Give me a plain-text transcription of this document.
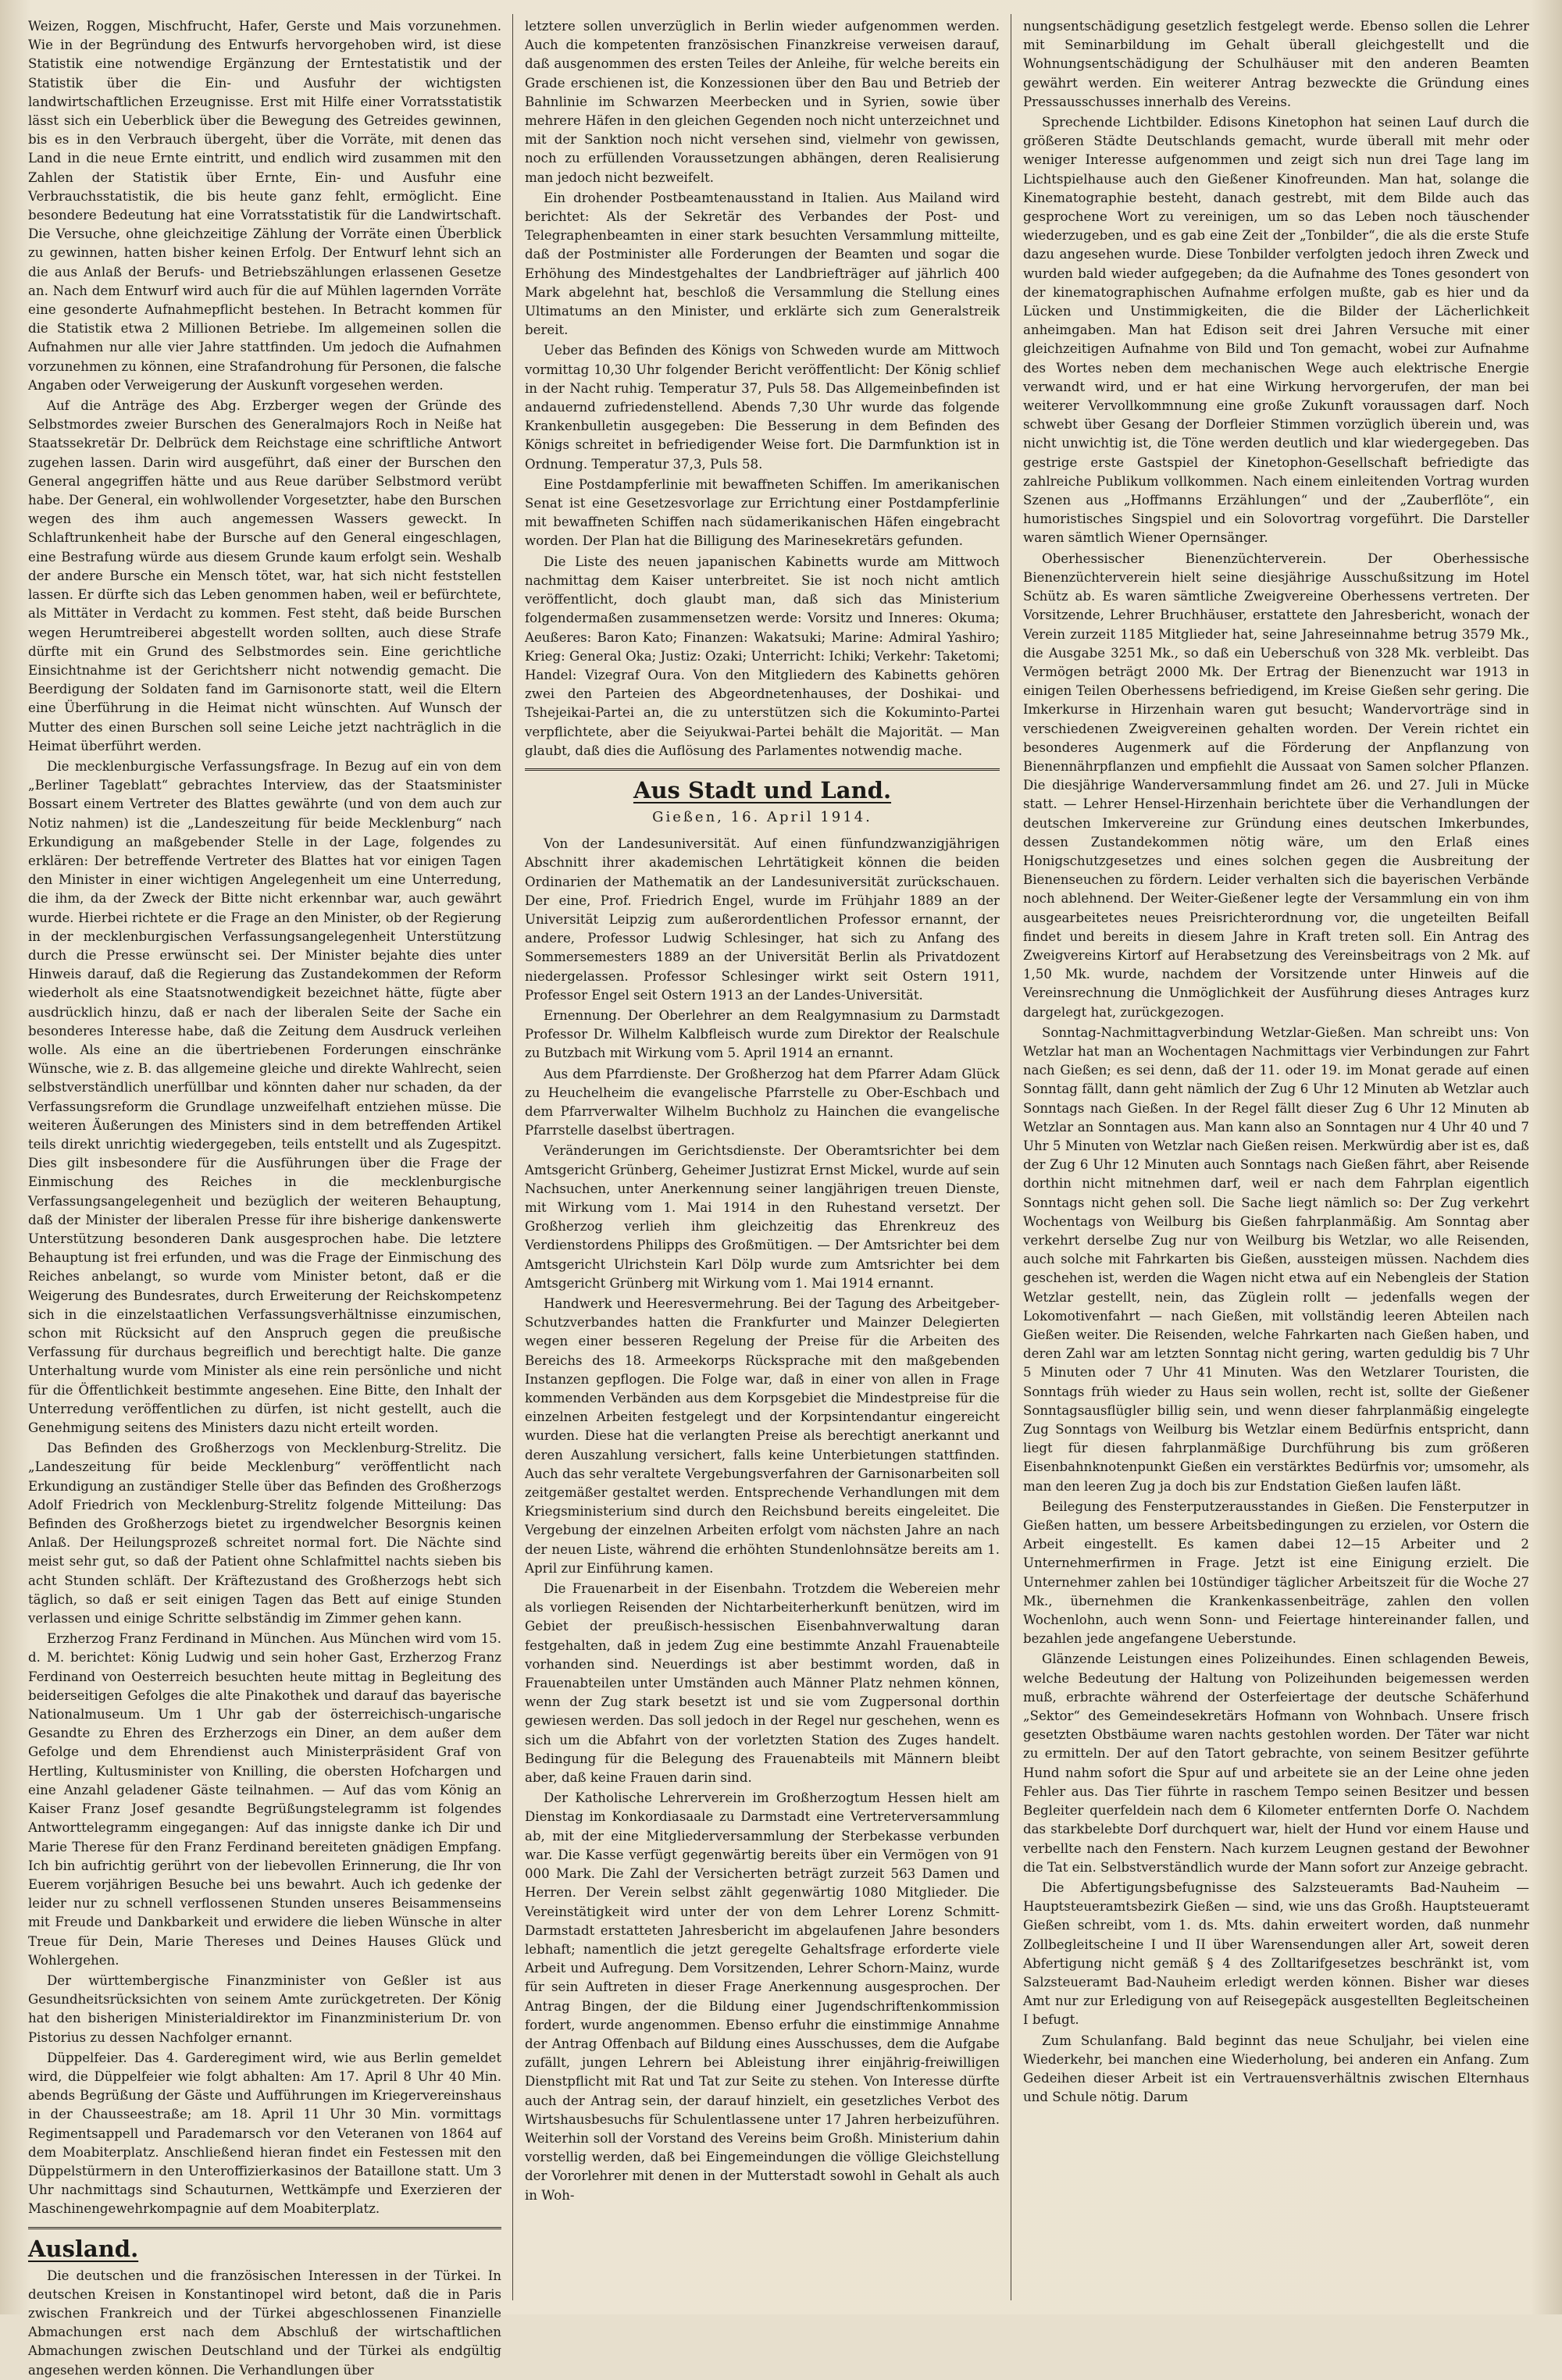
Weizen, Roggen, Mischfrucht, Hafer, Gerste und Mais vorzunehmen. Wie in der Begründung des Entwurfs hervorgehoben wird, ist diese Statistik eine notwendige Ergänzung der Erntestatistik und der Statistik über die Ein- und Ausfuhr der wichtigsten landwirtschaftlichen Erzeugnisse. Erst mit Hilfe einer Vorratsstatistik lässt sich ein Ueberblick über die Bewegung des Getreides gewinnen, bis es in den Verbrauch übergeht, über die Vorräte, mit denen das Land in die neue Ernte eintritt, und endlich wird zusammen mit den Zahlen der Statistik über Ernte, Ein- und Ausfuhr eine Verbrauchsstatistik, die bis heute ganz fehlt, ermöglicht. Eine besondere Bedeutung hat eine Vorratsstatistik für die Landwirtschaft. Die Versuche, ohne gleichzeitige Zählung der Vorräte einen Überblick zu gewinnen, hatten bisher keinen Erfolg. Der Entwurf lehnt sich an die aus Anlaß der Berufs- und Betriebszählungen erlassenen Gesetze an. Nach dem Entwurf wird auch für die auf Mühlen lagernden Vorräte eine gesonderte Aufnahmepflicht bestehen. In Betracht kommen für die Statistik etwa 2 Millionen Betriebe. Im allgemeinen sollen die Aufnahmen nur alle vier Jahre stattfinden. Um jedoch die Aufnahmen vorzunehmen zu können, eine Strafandrohung für Personen, die falsche Angaben oder Verweigerung der Auskunft vorgesehen werden.

Auf die Anträge des Abg. Erzberger wegen der Gründe des Selbstmordes zweier Burschen des Generalmajors Roch in Neiße hat Staatssekretär Dr. Delbrück dem Reichstage eine schriftliche Antwort zugehen lassen. Darin wird ausgeführt, daß einer der Burschen den General angegriffen hätte und aus Reue darüber Selbstmord verübt habe. Der General, ein wohlwollender Vorgesetzter, habe den Burschen wegen des ihm auch angemessen Wassers geweckt. In Schlaftrunkenheit habe der Bursche auf den General eingeschlagen, eine Bestrafung würde aus diesem Grunde kaum erfolgt sein. Weshalb der andere Bursche ein Mensch tötet, war, hat sich nicht feststellen lassen. Er dürfte sich das Leben genommen haben, weil er befürchtete, als Mittäter in Verdacht zu kommen. Fest steht, daß beide Burschen wegen Herumtreiberei abgestellt worden sollten, auch diese Strafe dürfte mit ein Grund des Selbstmordes sein. Eine gerichtliche Einsichtnahme ist der Gerichtsherr nicht notwendig gemacht. Die Beerdigung der Soldaten fand im Garnisonorte statt, weil die Eltern eine Überführung in die Heimat nicht wünschten. Auf Wunsch der Mutter des einen Burschen soll seine Leiche jetzt nachträglich in die Heimat überführt werden.

Die mecklenburgische Verfassungsfrage. In Bezug auf ein von dem „Berliner Tageblatt“ gebrachtes Interview, das der Staatsminister Bossart einem Vertreter des Blattes gewährte (und von dem auch zur Notiz nahmen) ist die „Landeszeitung für beide Mecklenburg“ nach Erkundigung an maßgebender Stelle in der Lage, folgendes zu erklären: Der betreffende Vertreter des Blattes hat vor einigen Tagen den Minister in einer wichtigen Angelegenheit um eine Unterredung, die ihm, da der Zweck der Bitte nicht erkennbar war, auch gewährt wurde. Hierbei richtete er die Frage an den Minister, ob der Regierung in der mecklenburgischen Verfassungsangelegenheit Unterstützung durch die Presse erwünscht sei. Der Minister bejahte dies unter Hinweis darauf, daß die Regierung das Zustandekommen der Reform wiederholt als eine Staatsnotwendigkeit bezeichnet hätte, fügte aber ausdrücklich hinzu, daß er nach der liberalen Seite der Sache ein besonderes Interesse habe, daß die Zeitung dem Ausdruck verleihen wolle. Als eine an die übertriebenen Forderungen einschränke Wünsche, wie z. B. das allgemeine gleiche und direkte Wahlrecht, seien selbstverständlich unerfüllbar und könnten daher nur schaden, da der Verfassungsreform die Grundlage unzweifelhaft entziehen müsse. Die weiteren Äußerungen des Ministers sind in dem betreffenden Artikel teils direkt unrichtig wiedergegeben, teils entstellt und als Zugespitzt. Dies gilt insbesondere für die Ausführungen über die Frage der Einmischung des Reiches in die mecklenburgische Verfassungsangelegenheit und bezüglich der weiteren Behauptung, daß der Minister der liberalen Presse für ihre bisherige dankenswerte Unterstützung besonderen Dank ausgesprochen habe. Die letztere Behauptung ist frei erfunden, und was die Frage der Einmischung des Reiches anbelangt, so wurde vom Minister betont, daß er die Weigerung des Bundesrates, durch Erweiterung der Reichskompetenz sich in die einzelstaatlichen Verfassungsverhältnisse einzumischen, schon mit Rücksicht auf den Anspruch gegen die preußische Verfassung für durchaus begreiflich und berechtigt halte. Die ganze Unterhaltung wurde vom Minister als eine rein persönliche und nicht für die Öffentlichkeit bestimmte angesehen. Eine Bitte, den Inhalt der Unterredung veröffentlichen zu dürfen, ist nicht gestellt, auch die Genehmigung seitens des Ministers dazu nicht erteilt worden.

Das Befinden des Großherzogs von Mecklenburg-Strelitz. Die „Landeszeitung für beide Mecklenburg“ veröffentlicht nach Erkundigung an zuständiger Stelle über das Befinden des Großherzogs Adolf Friedrich von Mecklenburg-Strelitz folgende Mitteilung: Das Befinden des Großherzogs bietet zu irgendwelcher Besorgnis keinen Anlaß. Der Heilungsprozeß schreitet normal fort. Die Nächte sind meist sehr gut, so daß der Patient ohne Schlafmittel nachts sieben bis acht Stunden schläft. Der Kräftezustand des Großherzogs hebt sich täglich, so daß er seit einigen Tagen das Bett auf einige Stunden verlassen und einige Schritte selbständig im Zimmer gehen kann.

Erzherzog Franz Ferdinand in München. Aus München wird vom 15. d. M. berichtet: König Ludwig und sein hoher Gast, Erzherzog Franz Ferdinand von Oesterreich besuchten heute mittag in Begleitung des beiderseitigen Gefolges die alte Pinakothek und darauf das bayerische Nationalmuseum. Um 1 Uhr gab der österreichisch-ungarische Gesandte zu Ehren des Erzherzogs ein Diner, an dem außer dem Gefolge und dem Ehrendienst auch Ministerpräsident Graf von Hertling, Kultusminister von Knilling, die obersten Hofchargen und eine Anzahl geladener Gäste teilnahmen. — Auf das vom König an Kaiser Franz Josef gesandte Begrüßungstelegramm ist folgendes Antworttelegramm eingegangen: Auf das innigste danke ich Dir und Marie Therese für den Franz Ferdinand bereiteten gnädigen Empfang. Ich bin aufrichtig gerührt von der liebevollen Erinnerung, die Ihr von Euerem vorjährigen Besuche bei uns bewahrt. Auch ich gedenke der leider nur zu schnell verflossenen Stunden unseres Beisammenseins mit Freude und Dankbarkeit und erwidere die lieben Wünsche in alter Treue für Dein, Marie Thereses und Deines Hauses Glück und Wohlergehen.

Der württembergische Finanzminister von Geßler ist aus Gesundheitsrücksichten von seinem Amte zurückgetreten. Der König hat den bisherigen Ministerialdirektor im Finanzministerium Dr. von Pistorius zu dessen Nachfolger ernannt.

Düppelfeier. Das 4. Garderegiment wird, wie aus Berlin gemeldet wird, die Düppelfeier wie folgt abhalten: Am 17. April 8 Uhr 40 Min. abends Begrüßung der Gäste und Aufführungen im Kriegervereinshaus in der Chausseestraße; am 18. April 11 Uhr 30 Min. vormittags Regimentsappell und Parademarsch vor den Veteranen von 1864 auf dem Moabiterplatz. Anschließend hieran findet ein Festessen mit den Düppelstürmern in den Unteroffizierkasinos der Bataillone statt. Um 3 Uhr nachmittags sind Schauturnen, Wettkämpfe und Exerzieren der Maschinengewehrkompagnie auf dem Moabiterplatz.

Ausland.

Die deutschen und die französischen Interessen in der Türkei. In deutschen Kreisen in Konstantinopel wird betont, daß die in Paris zwischen Frankreich und der Türkei abgeschlossenen Finanzielle Abmachungen erst nach dem Abschluß der wirtschaftlichen Abmachungen zwischen Deutschland und der Türkei als endgültig angesehen werden können. Die Verhandlungen über

letztere sollen unverzüglich in Berlin wieder aufgenommen werden. Auch die kompetenten französischen Finanzkreise verweisen darauf, daß ausgenommen des ersten Teiles der Anleihe, für welche bereits ein Grade erschienen ist, die Konzessionen über den Bau und Betrieb der Bahnlinie im Schwarzen Meerbecken und in Syrien, sowie über mehrere Häfen in den gleichen Gegenden noch nicht unterzeichnet und mit der Sanktion noch nicht versehen sind, vielmehr von gewissen, noch zu erfüllenden Voraussetzungen abhängen, deren Realisierung man jedoch nicht bezweifelt.

Ein drohender Postbeamtenausstand in Italien. Aus Mailand wird berichtet: Als der Sekretär des Verbandes der Post- und Telegraphenbeamten in einer stark besuchten Versammlung mitteilte, daß der Postminister alle Forderungen der Beamten und sogar die Erhöhung des Mindestgehaltes der Landbriefträger auf jährlich 400 Mark abgelehnt hat, beschloß die Versammlung die Stellung eines Ultimatums an den Minister, und erklärte sich zum Generalstreik bereit.

Ueber das Befinden des Königs von Schweden wurde am Mittwoch vormittag 10,30 Uhr folgender Bericht veröffentlicht: Der König schlief in der Nacht ruhig. Temperatur 37, Puls 58. Das Allgemeinbefinden ist andauernd zufriedenstellend. Abends 7,30 Uhr wurde das folgende Krankenbulletin ausgegeben: Die Besserung in dem Befinden des Königs schreitet in befriedigender Weise fort. Die Darmfunktion ist in Ordnung. Temperatur 37,3, Puls 58.

Eine Postdampferlinie mit bewaffneten Schiffen. Im amerikanischen Senat ist eine Gesetzesvorlage zur Errichtung einer Postdampferlinie mit bewaffneten Schiffen nach südamerikanischen Häfen eingebracht worden. Der Plan hat die Billigung des Marinesekretärs gefunden.

Die Liste des neuen japanischen Kabinetts wurde am Mittwoch nachmittag dem Kaiser unterbreitet. Sie ist noch nicht amtlich veröffentlicht, doch glaubt man, daß sich das Ministerium folgendermaßen zusammensetzen werde: Vorsitz und Inneres: Okuma; Aeußeres: Baron Kato; Finanzen: Wakatsuki; Marine: Admiral Yashiro; Krieg: General Oka; Justiz: Ozaki; Unterricht: Ichiki; Verkehr: Taketomi; Handel: Vizegraf Oura. Von den Mitgliedern des Kabinetts gehören zwei den Parteien des Abgeordnetenhauses, der Doshikai- und Tshejeikai-Partei an, die zu unterstützen sich die Kokuminto-Partei verpflichtete, aber die Seiyukwai-Partei behält die Majorität. — Man glaubt, daß dies die Auflösung des Parlamentes notwendig mache.

Aus Stadt und Land.
Gießen, 16. April 1914.

Von der Landesuniversität. Auf einen fünfundzwanzigjährigen Abschnitt ihrer akademischen Lehrtätigkeit können die beiden Ordinarien der Mathematik an der Landesuniversität zurückschauen. Der eine, Prof. Friedrich Engel, wurde im Frühjahr 1889 an der Universität Leipzig zum außerordentlichen Professor ernannt, der andere, Professor Ludwig Schlesinger, hat sich zu Anfang des Sommersemesters 1889 an der Universität Berlin als Privatdozent niedergelassen. Professor Schlesinger wirkt seit Ostern 1911, Professor Engel seit Ostern 1913 an der Landes-Universität.

Ernennung. Der Oberlehrer an dem Realgymnasium zu Darmstadt Professor Dr. Wilhelm Kalbfleisch wurde zum Direktor der Realschule zu Butzbach mit Wirkung vom 5. April 1914 an ernannt.

Aus dem Pfarrdienste. Der Großherzog hat dem Pfarrer Adam Glück zu Heuchelheim die evangelische Pfarrstelle zu Ober-Eschbach und dem Pfarrverwalter Wilhelm Buchholz zu Hainchen die evangelische Pfarrstelle daselbst übertragen.

Veränderungen im Gerichtsdienste. Der Oberamtsrichter bei dem Amtsgericht Grünberg, Geheimer Justizrat Ernst Mickel, wurde auf sein Nachsuchen, unter Anerkennung seiner langjährigen treuen Dienste, mit Wirkung vom 1. Mai 1914 in den Ruhestand versetzt. Der Großherzog verlieh ihm gleichzeitig das Ehrenkreuz des Verdienstordens Philipps des Großmütigen. — Der Amtsrichter bei dem Amtsgericht Ulrichstein Karl Dölp wurde zum Amtsrichter bei dem Amtsgericht Grünberg mit Wirkung vom 1. Mai 1914 ernannt.

Handwerk und Heeresvermehrung. Bei der Tagung des Arbeitgeber-Schutzverbandes hatten die Frankfurter und Mainzer Delegierten wegen einer besseren Regelung der Preise für die Arbeiten des Bereichs des 18. Armeekorps Rücksprache mit den maßgebenden Instanzen gepflogen. Die Folge war, daß in einer von allen in Frage kommenden Verbänden aus dem Korpsgebiet die Mindestpreise für die einzelnen Arbeiten festgelegt und der Korpsintendantur eingereicht wurden. Diese hat die verlangten Preise als berechtigt anerkannt und deren Auszahlung versichert, falls keine Unterbietungen stattfinden. Auch das sehr veraltete Vergebungsverfahren der Garnisonarbeiten soll zeitgemäßer gestaltet werden. Entsprechende Verhandlungen mit dem Kriegsministerium sind durch den Reichsbund bereits eingeleitet. Die Vergebung der einzelnen Arbeiten erfolgt vom nächsten Jahre an nach der neuen Liste, während die erhöhten Stundenlohnsätze bereits am 1. April zur Einführung kamen.

Die Frauenarbeit in der Eisenbahn. Trotzdem die Webereien mehr als vorliegen Reisenden der Nichtarbeiterherkunft benützen, wird im Gebiet der preußisch-hessischen Eisenbahnverwaltung daran festgehalten, daß in jedem Zug eine bestimmte Anzahl Frauenabteile vorhanden sind. Neuerdings ist aber bestimmt worden, daß in Frauenabteilen unter Umständen auch Männer Platz nehmen können, wenn der Zug stark besetzt ist und sie vom Zugpersonal dorthin gewiesen werden. Das soll jedoch in der Regel nur geschehen, wenn es sich um die Abfahrt von der vorletzten Station des Zuges handelt. Bedingung für die Belegung des Frauenabteils mit Männern bleibt aber, daß keine Frauen darin sind.

Der Katholische Lehrerverein im Großherzogtum Hessen hielt am Dienstag im Konkordiasaale zu Darmstadt eine Vertreterversammlung ab, mit der eine Mitgliederversammlung der Sterbekasse verbunden war. Die Kasse verfügt gegenwärtig bereits über ein Vermögen von 91 000 Mark. Die Zahl der Versicherten beträgt zurzeit 563 Damen und Herren. Der Verein selbst zählt gegenwärtig 1080 Mitglieder. Die Vereinstätigkeit wird unter der von dem Lehrer Lorenz Schmitt-Darmstadt erstatteten Jahresbericht im abgelaufenen Jahre besonders lebhaft; namentlich die jetzt geregelte Gehaltsfrage erforderte viele Arbeit und Aufregung. Dem Vorsitzenden, Lehrer Schorn-Mainz, wurde für sein Auftreten in dieser Frage Anerkennung ausgesprochen. Der Antrag Bingen, der die Bildung einer Jugendschriftenkommission fordert, wurde angenommen. Ebenso erfuhr die einstimmige Annahme der Antrag Offenbach auf Bildung eines Ausschusses, dem die Aufgabe zufällt, jungen Lehrern bei Ableistung ihrer einjährig-freiwilligen Dienstpflicht mit Rat und Tat zur Seite zu stehen. Von Interesse dürfte auch der Antrag sein, der darauf hinzielt, ein gesetzliches Verbot des Wirtshausbesuchs für Schulentlassene unter 17 Jahren herbeizuführen. Weiterhin soll der Vorstand des Vereins beim Großh. Ministerium dahin vorstellig werden, daß bei Eingemeindungen die völlige Gleichstellung der Vororlehrer mit denen in der Mutterstadt sowohl in Gehalt als auch in Woh-

nungsentschädigung gesetzlich festgelegt werde. Ebenso sollen die Lehrer mit Seminarbildung im Gehalt überall gleichgestellt und die Wohnungsentschädigung der Schulhäuser mit den anderen Beamten gewährt werden. Ein weiterer Antrag bezweckte die Gründung eines Pressausschusses innerhalb des Vereins.

Sprechende Lichtbilder. Edisons Kinetophon hat seinen Lauf durch die größeren Städte Deutschlands gemacht, wurde überall mit mehr oder weniger Interesse aufgenommen und zeigt sich nun drei Tage lang im Lichtspielhause auch den Gießener Kinofreunden. Man hat, solange die Kinematographie besteht, danach gestrebt, mit dem Bilde auch das gesprochene Wort zu vereinigen, um so das Leben noch täuschender wiederzugeben, und es gab eine Zeit der „Tonbilder“, die als die erste Stufe dazu angesehen wurde. Diese Tonbilder verfolgten jedoch ihren Zweck und wurden bald wieder aufgegeben; da die Aufnahme des Tones gesondert von der kinematographischen Aufnahme erfolgen mußte, gab es hier und da Lücken und Unstimmigkeiten, die die Bilder der Lächerlichkeit anheimgaben. Man hat Edison seit drei Jahren Versuche mit einer gleichzeitigen Aufnahme von Bild und Ton gemacht, wobei zur Aufnahme des Wortes neben dem mechanischen Wege auch elektrische Energie verwandt wird, und er hat eine Wirkung hervorgerufen, der man bei weiterer Vervollkommnung eine große Zukunft voraussagen darf. Noch schwebt über Gesang der Dorfleier Stimmen vorzüglich überein und, was nicht unwichtig ist, die Töne werden deutlich und klar wiedergegeben. Das gestrige erste Gastspiel der Kinetophon-Gesellschaft befriedigte das zahlreiche Publikum vollkommen. Nach einem einleitenden Vortrag wurden Szenen aus „Hoffmanns Erzählungen“ und der „Zauberflöte“, ein humoristisches Singspiel und ein Solovortrag vorgeführt. Die Darsteller waren sämtlich Wiener Opernsänger.

Oberhessischer Bienenzüchterverein. Der Oberhessische Bienenzüchterverein hielt seine diesjährige Ausschußsitzung im Hotel Schütz ab. Es waren sämtliche Zweigvereine Oberhessens vertreten. Der Vorsitzende, Lehrer Bruchhäuser, erstattete den Jahresbericht, wonach der Verein zurzeit 1185 Mitglieder hat, seine Jahreseinnahme betrug 3579 Mk., die Ausgabe 3251 Mk., so daß ein Ueberschuß von 328 Mk. verbleibt. Das Vermögen beträgt 2000 Mk. Der Ertrag der Bienenzucht war 1913 in einigen Teilen Oberhessens befriedigend, im Kreise Gießen sehr gering. Die Imkerkurse in Hirzenhain waren gut besucht; Wandervorträge sind in verschiedenen Zweigvereinen gehalten worden. Der Verein richtet ein besonderes Augenmerk auf die Förderung der Anpflanzung von Bienennährpflanzen und empfiehlt die Aussaat von Samen solcher Pflanzen. Die diesjährige Wanderversammlung findet am 26. und 27. Juli in Mücke statt. — Lehrer Hensel-Hirzenhain berichtete über die Verhandlungen der deutschen Imkervereine zur Gründung eines deutschen Imkerbundes, dessen Zustandekommen nötig wäre, um den Erlaß eines Honigschutzgesetzes und eines solchen gegen die Ausbreitung der Bienenseuchen zu fördern. Leider verhalten sich die bayerischen Verbände noch ablehnend. Der Weiter-Gießener legte der Versammlung ein von ihm ausgearbeitetes neues Preisrichterordnung vor, die ungeteilten Beifall findet und bereits in diesem Jahre in Kraft treten soll. Ein Antrag des Zweigvereins Kirtorf auf Herabsetzung des Vereinsbeitrags von 2 Mk. auf 1,50 Mk. wurde, nachdem der Vorsitzende unter Hinweis auf die Vereinsrechnung die Unmöglichkeit der Ausführung dieses Antrages kurz dargelegt hat, zurückgezogen.

Sonntag-Nachmittagverbindung Wetzlar-Gießen. Man schreibt uns: Von Wetzlar hat man an Wochentagen Nachmittags vier Verbindungen zur Fahrt nach Gießen; es sei denn, daß der 11. oder 19. im Monat gerade auf einen Sonntag fällt, dann geht nämlich der Zug 6 Uhr 12 Minuten ab Wetzlar auch Sonntags nach Gießen. In der Regel fällt dieser Zug 6 Uhr 12 Minuten ab Wetzlar an Sonntagen aus. Man kann also an Sonntagen nur 4 Uhr 40 und 7 Uhr 5 Minuten von Wetzlar nach Gießen reisen. Merkwürdig aber ist es, daß der Zug 6 Uhr 12 Minuten auch Sonntags nach Gießen fährt, aber Reisende dorthin nicht mitnehmen darf, weil er nach dem Fahrplan eigentlich Sonntags nicht gehen soll. Die Sache liegt nämlich so: Der Zug verkehrt Wochentags von Weilburg bis Gießen fahrplanmäßig. Am Sonntag aber verkehrt derselbe Zug nur von Weilburg bis Wetzlar, wo alle Reisenden, auch solche mit Fahrkarten bis Gießen, aussteigen müssen. Nachdem dies geschehen ist, werden die Wagen nicht etwa auf ein Nebengleis der Station Wetzlar gestellt, nein, das Züglein rollt — jedenfalls wegen der Lokomotivenfahrt — nach Gießen, mit vollständig leeren Abteilen nach Gießen weiter. Die Reisenden, welche Fahrkarten nach Gießen haben, und deren Zahl war am letzten Sonntag nicht gering, warten geduldig bis 7 Uhr 5 Minuten oder 7 Uhr 41 Minuten. Was den Wetzlarer Touristen, die Sonntags früh wieder zu Haus sein wollen, recht ist, sollte der Gießener Sonntagsausflügler billig sein, und wenn dieser fahrplanmäßig eingelegte Zug Sonntags von Weilburg bis Wetzlar einem Bedürfnis entspricht, dann liegt für diesen fahrplanmäßige Durchführung bis zum größeren Eisenbahnknotenpunkt Gießen ein verstärktes Bedürfnis vor; umsomehr, als man den leeren Zug ja doch bis zur Endstation Gießen laufen läßt.

Beilegung des Fensterputzerausstandes in Gießen. Die Fensterputzer in Gießen hatten, um bessere Arbeitsbedingungen zu erzielen, vor Ostern die Arbeit eingestellt. Es kamen dabei 12—15 Arbeiter und 2 Unternehmerfirmen in Frage. Jetzt ist eine Einigung erzielt. Die Unternehmer zahlen bei 10stündiger täglicher Arbeitszeit für die Woche 27 Mk., übernehmen die Krankenkassenbeiträge, zahlen den vollen Wochenlohn, auch wenn Sonn- und Feiertage hintereinander fallen, und bezahlen jede angefangene Ueberstunde.

Glänzende Leistungen eines Polizeihundes. Einen schlagenden Beweis, welche Bedeutung der Haltung von Polizeihunden beigemessen werden muß, erbrachte während der Osterfeiertage der deutsche Schäferhund „Sektor“ des Gemeindesekretärs Hofmann von Wohnbach. Unsere frisch gesetzten Obstbäume waren nachts gestohlen worden. Der Täter war nicht zu ermitteln. Der auf den Tatort gebrachte, von seinem Besitzer geführte Hund nahm sofort die Spur auf und arbeitete sie an der Leine ohne jeden Fehler aus. Das Tier führte in raschem Tempo seinen Besitzer und bessen Begleiter querfeldein nach dem 6 Kilometer entfernten Dorfe O. Nachdem das starkbelebte Dorf durchquert war, hielt der Hund vor einem Hause und verbellte nach den Fenstern. Nach kurzem Leugnen gestand der Bewohner die Tat ein. Selbstverständlich wurde der Mann sofort zur Anzeige gebracht.

Die Abfertigungsbefugnisse des Salzsteueramts Bad-Nauheim — Hauptsteueramtsbezirk Gießen — sind, wie uns das Großh. Hauptsteueramt Gießen schreibt, vom 1. ds. Mts. dahin erweitert worden, daß nunmehr Zollbegleitscheine I und II über Warensendungen aller Art, soweit deren Abfertigung nicht gemäß § 4 des Zolltarifgesetzes beschränkt ist, vom Salzsteueramt Bad-Nauheim erledigt werden können. Bisher war dieses Amt nur zur Erledigung von auf Reisegepäck ausgestellten Begleitscheinen I befugt.

Zum Schulanfang. Bald beginnt das neue Schuljahr, bei vielen eine Wiederkehr, bei manchen eine Wiederholung, bei anderen ein Anfang. Zum Gedeihen dieser Arbeit ist ein Vertrauensverhältnis zwischen Elternhaus und Schule nötig. Darum
